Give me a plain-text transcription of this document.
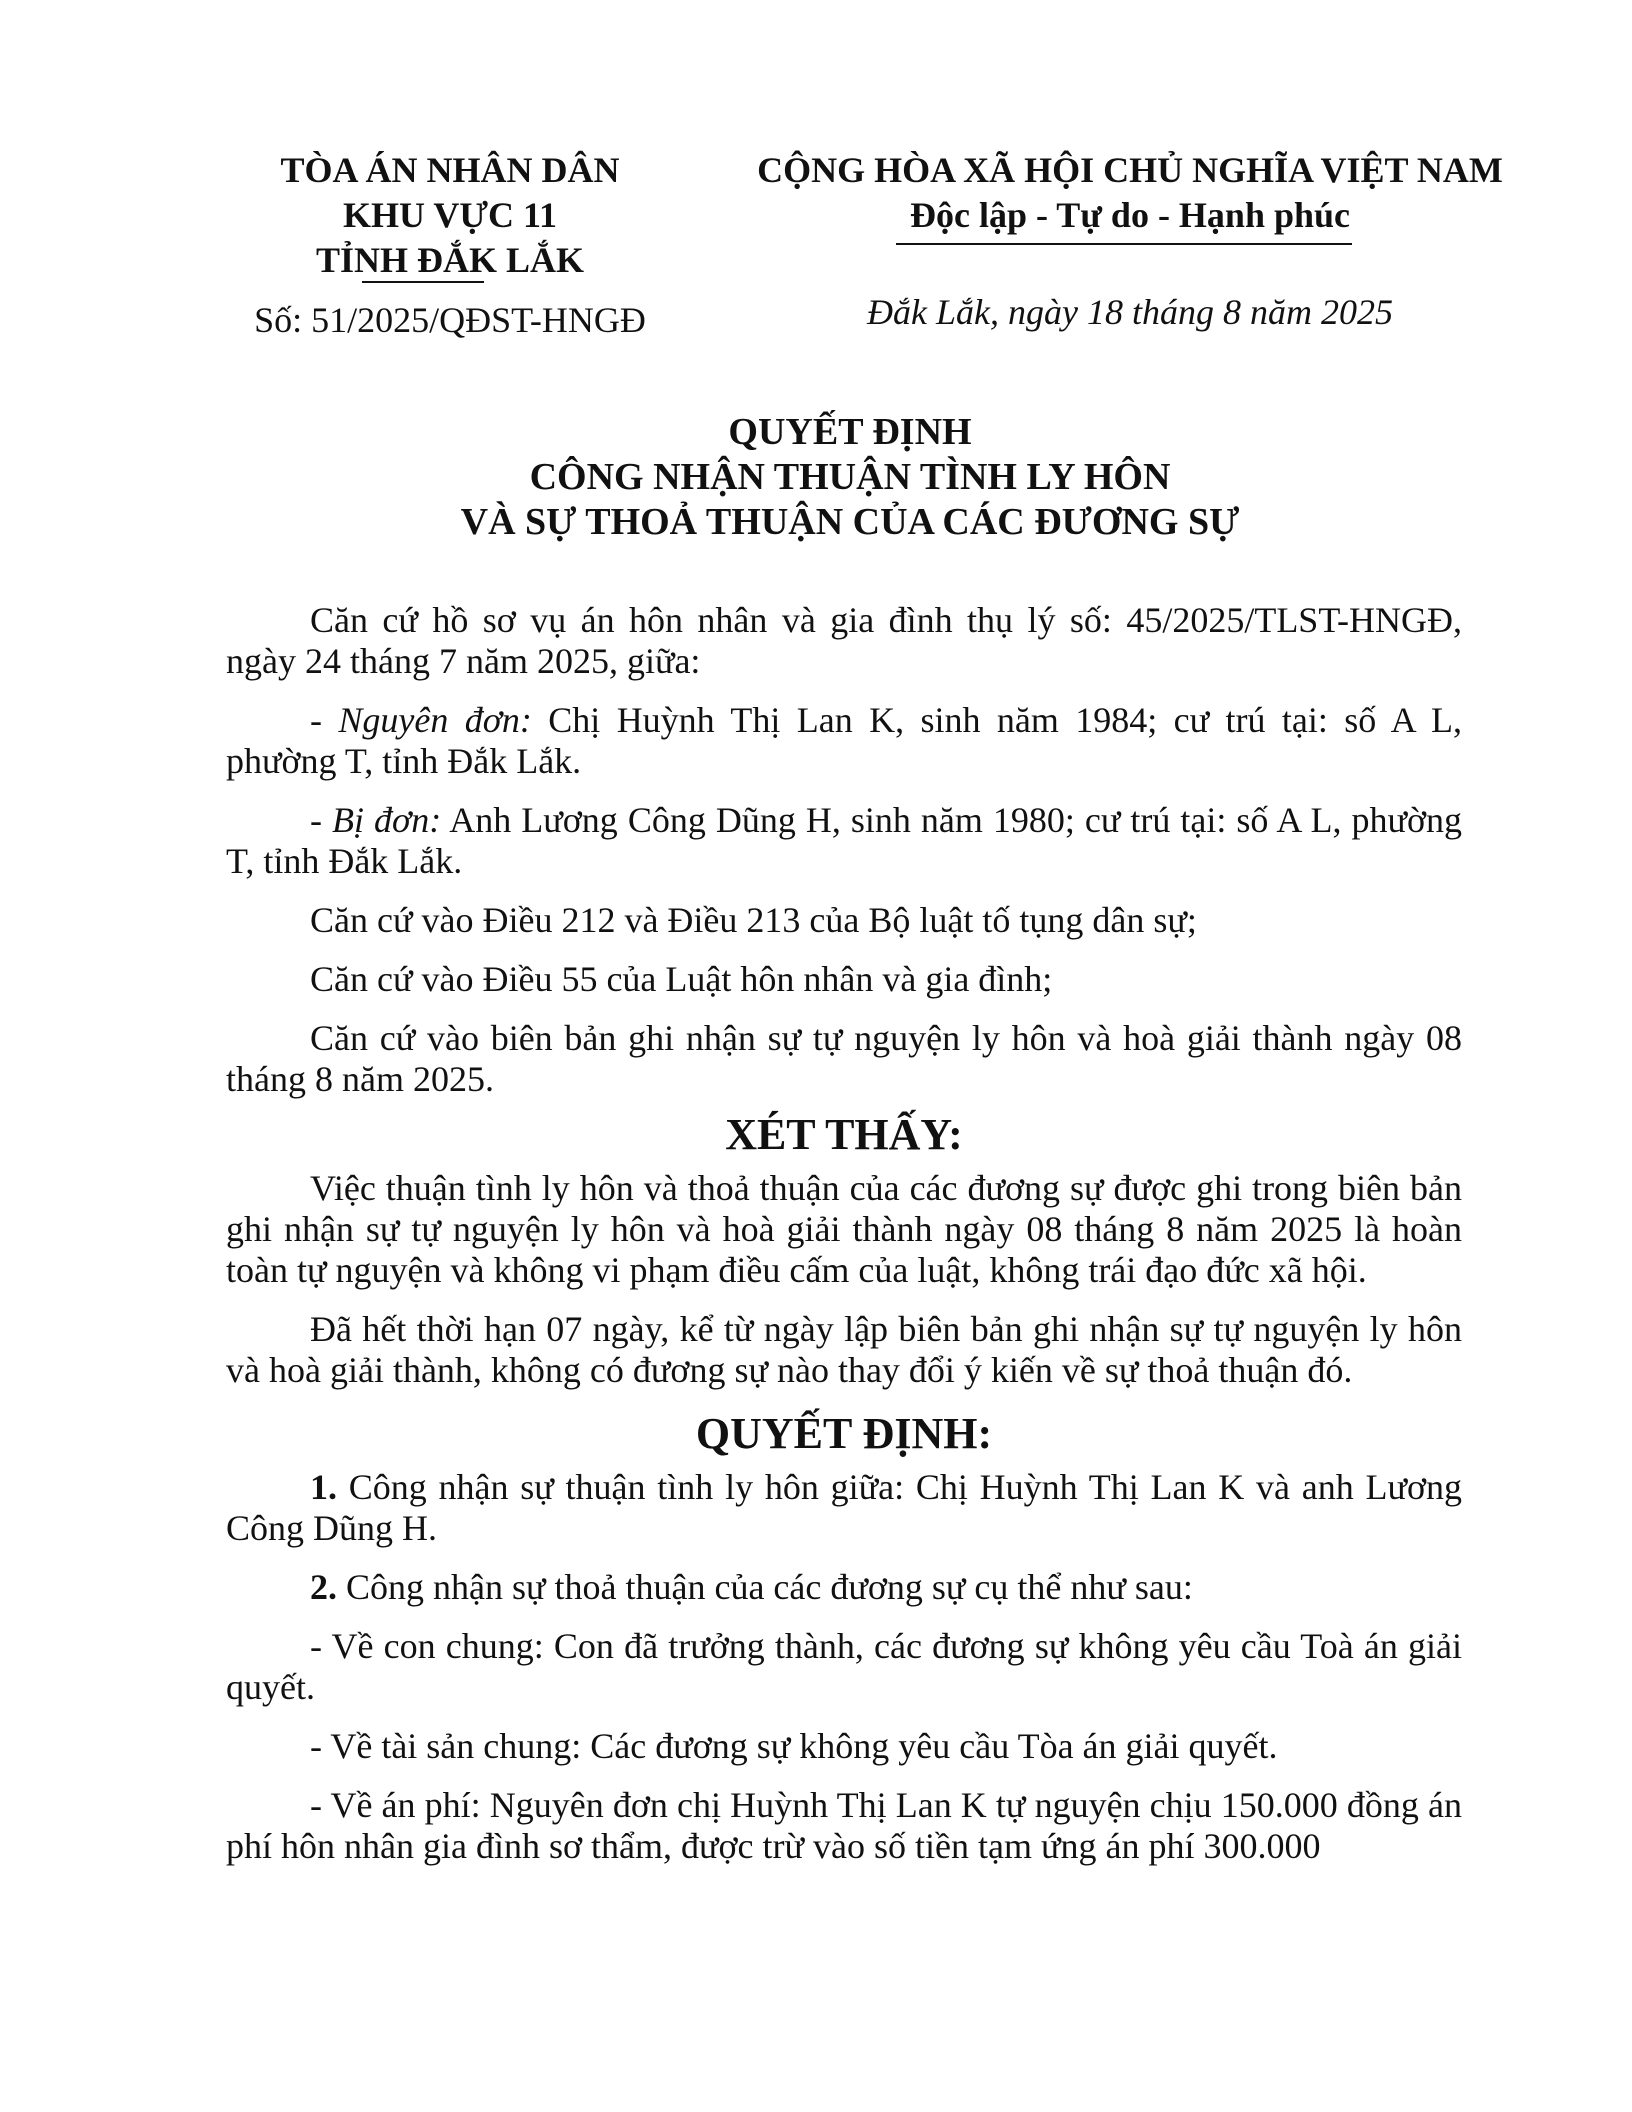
TÒA ÁN NHÂN DÂN
KHU VỰC 11
TỈNH ĐẮK LẮK
CỘNG HÒA XÃ HỘI CHỦ NGHĨA VIỆT NAM
Độc lập - Tự do - Hạnh phúc
Số: 51/2025/QĐST-HNGĐ	Đắk Lắk, ngày 18 tháng 8 năm 2025
QUYẾT ĐỊNH
CÔNG NHẬN THUẬN TÌNH LY HÔN
VÀ SỰ THOẢ THUẬN CỦA CÁC ĐƯƠNG SỰ

Căn cứ hồ sơ vụ án hôn nhân và gia đình thụ lý số: 45/2025/TLST-HNGĐ, ngày 24 tháng 7 năm 2025, giữa:

- Nguyên đơn: Chị Huỳnh Thị Lan K, sinh năm 1984; cư trú tại: số A L, phường T, tỉnh Đắk Lắk.

- Bị đơn: Anh Lương Công Dũng H, sinh năm 1980; cư trú tại: số A L, phường T, tỉnh Đắk Lắk.

Căn cứ vào Điều 212 và Điều 213 của Bộ luật tố tụng dân sự;

Căn cứ vào Điều 55 của Luật hôn nhân và gia đình;

Căn cứ vào biên bản ghi nhận sự tự nguyện ly hôn và hoà giải thành ngày 08 tháng 8 năm 2025.

XÉT THẤY:

Việc thuận tình ly hôn và thoả thuận của các đương sự được ghi trong biên bản ghi nhận sự tự nguyện ly hôn và hoà giải thành ngày 08 tháng 8 năm 2025 là hoàn toàn tự nguyện và không vi phạm điều cấm của luật, không trái đạo đức xã hội.

Đã hết thời hạn 07 ngày, kể từ ngày lập biên bản ghi nhận sự tự nguyện ly hôn và hoà giải thành, không có đương sự nào thay đổi ý kiến về sự thoả thuận đó.

QUYẾT ĐỊNH:

1. Công nhận sự thuận tình ly hôn giữa: Chị Huỳnh Thị Lan K và anh Lương Công Dũng H.

2. Công nhận sự thoả thuận của các đương sự cụ thể như sau:

- Về con chung: Con đã trưởng thành, các đương sự không yêu cầu Toà án giải quyết.

- Về tài sản chung: Các đương sự không yêu cầu Tòa án giải quyết.

- Về án phí: Nguyên đơn chị Huỳnh Thị Lan K tự nguyện chịu 150.000 đồng án phí hôn nhân gia đình sơ thẩm, được trừ vào số tiền tạm ứng án phí 300.000
